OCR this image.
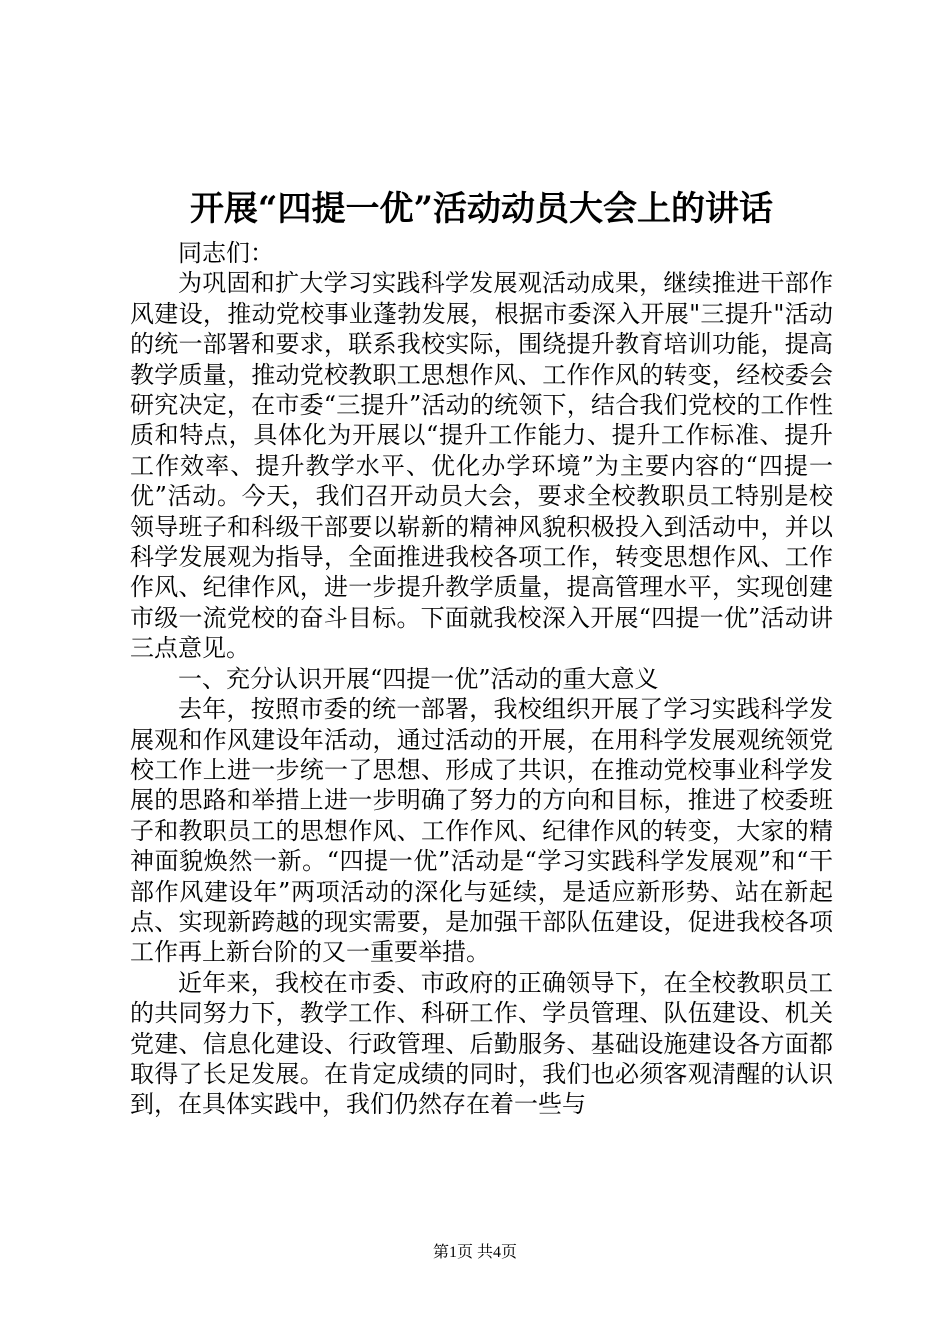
开展“四提一优”活动动员大会上的讲话

同志们：

为巩固和扩大学习实践科学发展观活动成果，继续推进干部作风建设，推动党校事业蓬勃发展，根据市委深入开展"三提升"活动的统一部署和要求，联系我校实际，围绕提升教育培训功能，提高教学质量，推动党校教职工思想作风、工作作风的转变，经校委会研究决定，在市委“三提升”活动的统领下，结合我们党校的工作性质和特点，具体化为开展以“提升工作能力、提升工作标准、提升工作效率、提升教学水平、优化办学环境”为主要内容的“四提一优”活动。今天，我们召开动员大会，要求全校教职员工特别是校领导班子和科级干部要以崭新的精神风貌积极投入到活动中，并以科学发展观为指导，全面推进我校各项工作，转变思想作风、工作作风、纪律作风，进一步提升教学质量，提高管理水平，实现创建市级一流党校的奋斗目标。下面就我校深入开展“四提一优”活动讲三点意见。

一、充分认识开展“四提一优”活动的重大意义

去年，按照市委的统一部署，我校组织开展了学习实践科学发展观和作风建设年活动，通过活动的开展，在用科学发展观统领党校工作上进一步统一了思想、形成了共识，在推动党校事业科学发展的思路和举措上进一步明确了努力的方向和目标，推进了校委班子和教职员工的思想作风、工作作风、纪律作风的转变，大家的精神面貌焕然一新。“四提一优”活动是“学习实践科学发展观”和“干部作风建设年”两项活动的深化与延续，是适应新形势、站在新起点、实现新跨越的现实需要，是加强干部队伍建设，促进我校各项工作再上新台阶的又一重要举措。

近年来，我校在市委、市政府的正确领导下，在全校教职员工的共同努力下，教学工作、科研工作、学员管理、队伍建设、机关党建、信息化建设、行政管理、后勤服务、基础设施建设各方面都取得了长足发展。在肯定成绩的同时，我们也必须客观清醒的认识到，在具体实践中，我们仍然存在着一些与

第1页 共4页
